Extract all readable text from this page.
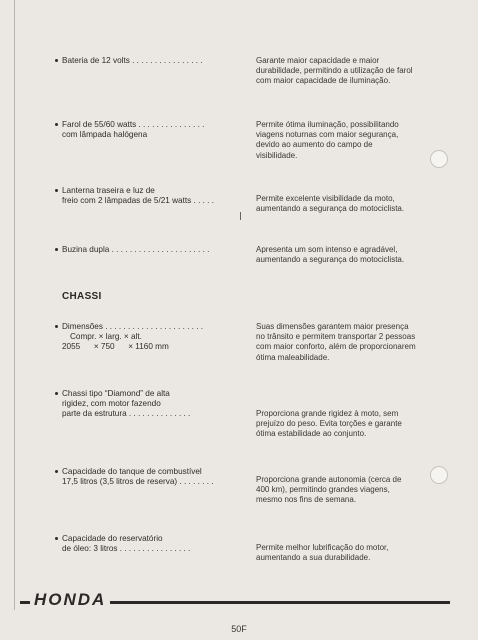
Bateria de 12 volts . . . . . . . . . . . . . . . .	Garante maior capacidade e maior durabilidade, permitindo a utilização de farol com maior capacidade de iluminação.
Farol de 55/60 watts . . . . . . . . . . . . . . .
com lâmpada halógena
Permite ótima iluminação, possibilitando viagens noturnas com maior segurança, devido ao aumento do campo de visibilidade.
Lanterna traseira e luz de
freio com 2 lâmpadas de 5/21 watts . . . . .	Permite excelente visibilidade da moto, aumentando a segurança do motociclista.
Buzina dupla . . . . . . . . . . . . . . . . . . . . . .	Apresenta um som intenso e agradável, aumentando a segurança do motociclista.
CHASSI
Dimensões . . . . . . . . . . . . . . . . . . . . . .
Compr. × larg. × alt.
2055      × 750      × 1160 mm
Suas dimensões garantem maior presença no trânsito e permitem transportar 2 pessoas com maior conforto, além de proporcionarem ótima maleabilidade.
Chassi tipo “Diamond” de alta
rigidez, com motor fazendo
parte da estrutura . . . . . . . . . . . . . .	Proporciona grande rigidez à moto, sem prejuízo do peso. Evita torções e garante ótima estabilidade ao conjunto.
Capacidade do tanque de combustível
17,5 litros (3,5 litros de reserva) . . . . . . . .	Proporciona grande autonomia (cerca de 400 km), permitindo grandes viagens, mesmo nos fins de semana.
Capacidade do reservatório
de óleo: 3 litros . . . . . . . . . . . . . . . .	Permite melhor lubrificação do motor, aumentando a sua durabilidade.
HONDA
50F
